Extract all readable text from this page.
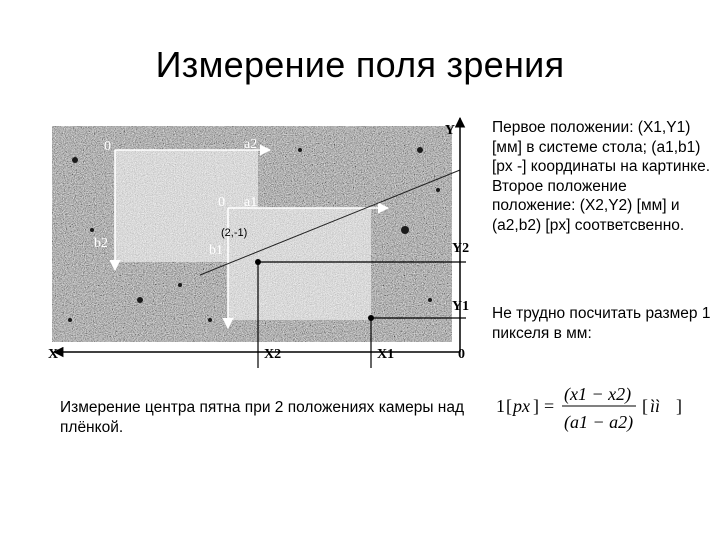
Измерение поля зрения
Y
X
Y2
Y1
X2	X1	0
0	a2
b2
0 a1
b1
(2,-1)
Первое положении: (X1,Y1) [мм] в системе стола; (a1,b1) [px -] координаты на картинке. Второе положение положение: (X2,Y2) [мм] и (a2,b2) [px] соответсвенно.
Не трудно посчитать размер 1 пикселя в мм:
Измерение центра пятна при 2 положениях камеры над плёнкой.
1 [ px ] =
(x1 − x2)
(a1 − a2)
[ ìì ]
